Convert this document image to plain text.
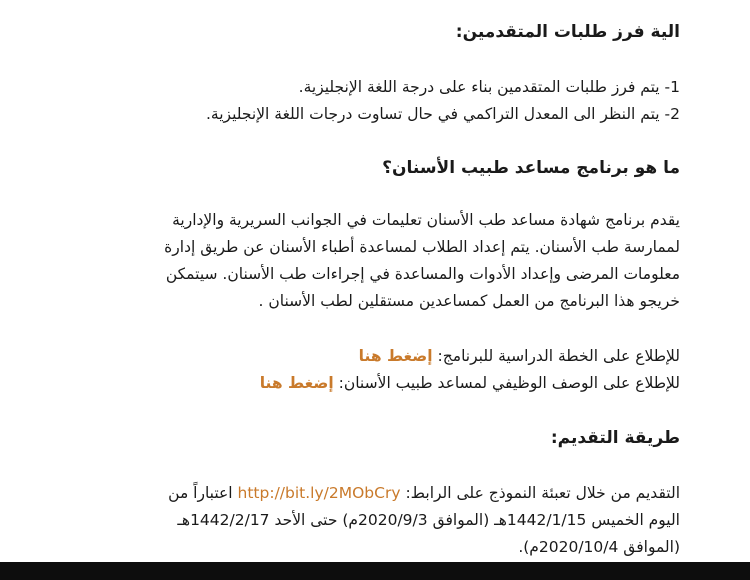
الية فرز طلبات المتقدمين:
1- يتم فرز طلبات المتقدمين بناء على درجة اللغة الإنجليزية.
2- يتم النظر الى المعدل التراكمي في حال تساوت درجات اللغة الإنجليزية.
ما هو برنامج مساعد طبيب الأسنان؟
يقدم برنامج شهادة مساعد طب الأسنان تعليمات في الجوانب السريرية والإدارية
لممارسة طب الأسنان. يتم إعداد الطلاب لمساعدة أطباء الأسنان عن طريق إدارة
معلومات المرضى وإعداد الأدوات والمساعدة في إجراءات طب الأسنان. سيتمكن
خريجو هذا البرنامج من العمل كمساعدين مستقلين لطب الأسنان .
للإطلاع على الخطة الدراسية للبرنامج: إضغط هنا
للإطلاع على الوصف الوظيفي لمساعد طبيب الأسنان: إضغط هنا
طريقة التقديم:
التقديم من خلال تعبئة النموذج على الرابط: http://bit.ly/2MObCry اعتباراً من
اليوم الخميس 1442/1/15هـ (الموافق 2020/9/3م) حتى الأحد 1442/2/17هـ
(الموافق 2020/10/4م).
